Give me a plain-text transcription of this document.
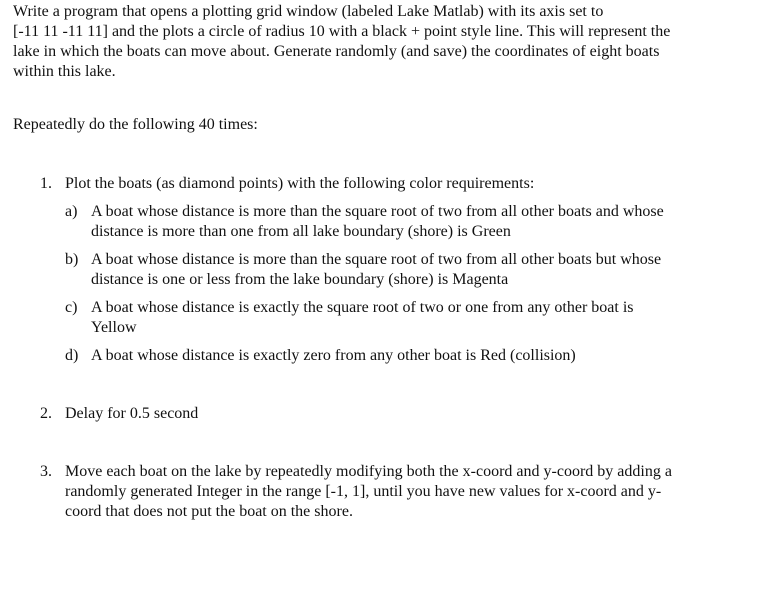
Write a program that opens a plotting grid window (labeled Lake Matlab) with its axis set to
[-11 11 -11 11] and the plots a circle of radius 10 with a black + point style line. This will represent the
lake in which the boats can move about. Generate randomly (and save) the coordinates of eight boats
within this lake.

Repeatedly do the following 40 times:

1. Plot the boats (as diamond points) with the following color requirements:
a) A boat whose distance is more than the square root of two from all other boats and whose
distance is more than one from all lake boundary (shore) is Green
b) A boat whose distance is more than the square root of two from all other boats but whose
distance is one or less from the lake boundary (shore) is Magenta
c) A boat whose distance is exactly the square root of two or one from any other boat is
Yellow
d) A boat whose distance is exactly zero from any other boat is Red (collision)
2. Delay for 0.5 second
3. Move each boat on the lake by repeatedly modifying both the x-coord and y-coord by adding a
randomly generated Integer in the range [-1, 1], until you have new values for x-coord and y-
coord that does not put the boat on the shore.
